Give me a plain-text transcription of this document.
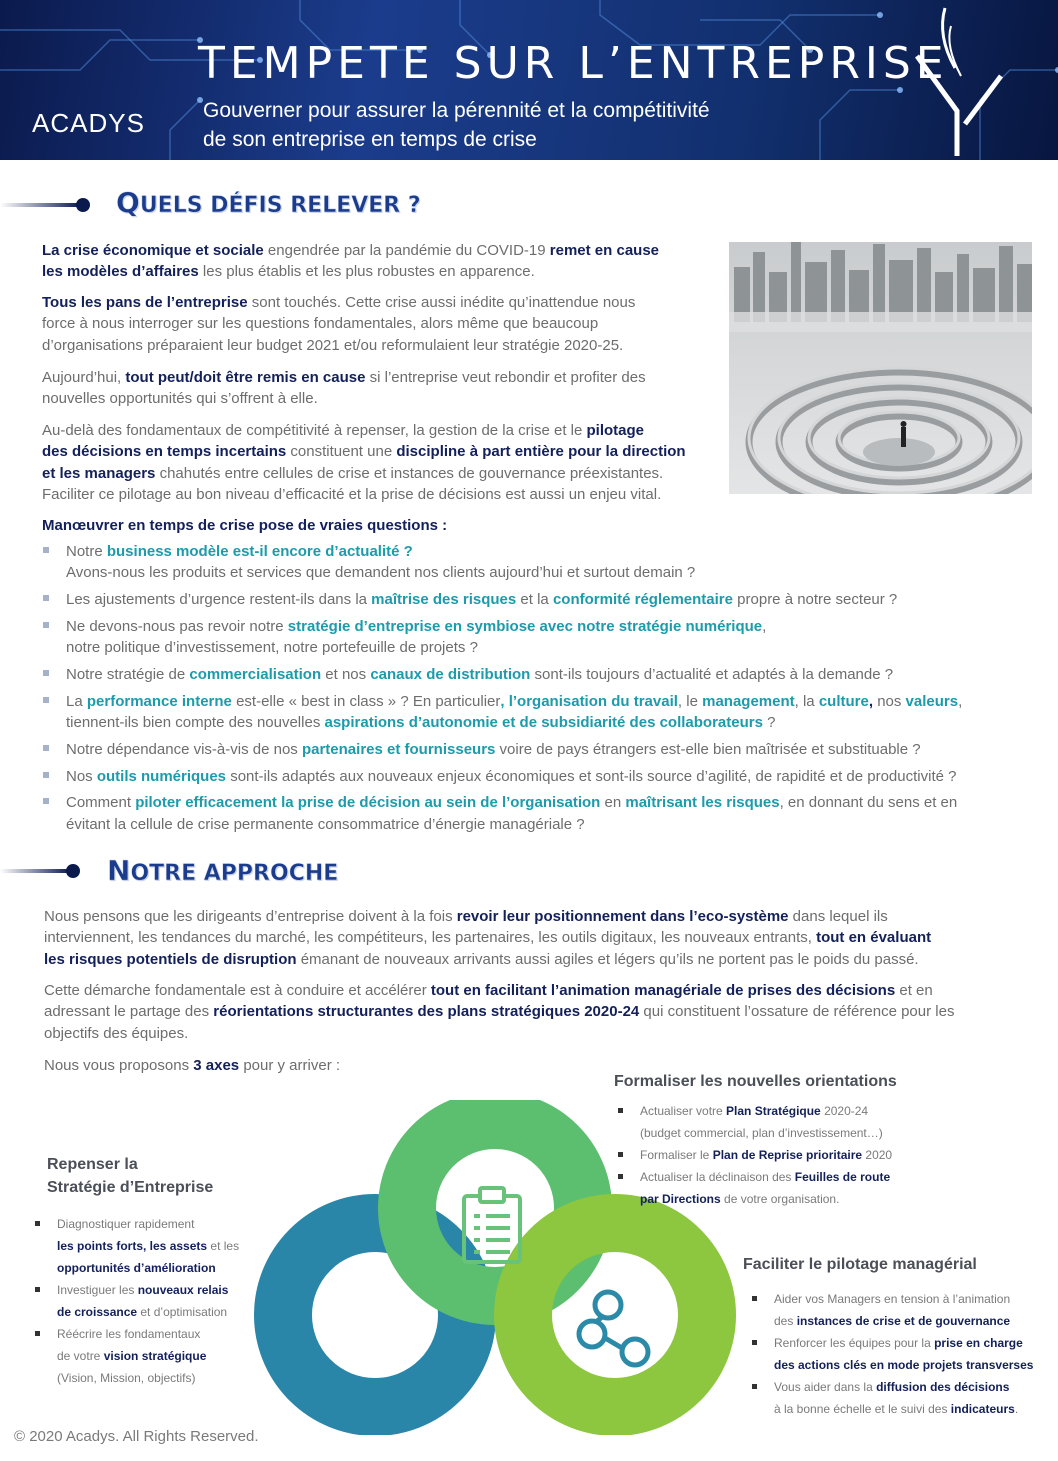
TEMPETE SUR L’ENTREPRISE
Gouverner pour assurer la pérennité et la compétitivité
de son entreprise en temps de crise
ACADYS
QUELS DÉFIS RELEVER ?

La crise économique et sociale engendrée par la pandémie du COVID-19 remet en cause
les modèles d’affaires les plus établis et les plus robustes en apparence.

Tous les pans de l’entreprise sont touchés. Cette crise aussi inédite qu’inattendue nous
force à nous interroger sur les questions fondamentales, alors même que beaucoup
d’organisations préparaient leur budget 2021 et/ou reformulaient leur stratégie 2020-25.

Aujourd’hui, tout peut/doit être remis en cause si l’entreprise veut rebondir et profiter des
nouvelles opportunités qui s’offrent à elle.

Au-delà des fondamentaux de compétitivité à repenser, la gestion de la crise et le pilotage
des décisions en temps incertains constituent une discipline à part entière pour la direction
et les managers chahutés entre cellules de crise et instances de gouvernance préexistantes.
Faciliter ce pilotage au bon niveau d’efficacité et la prise de décisions est aussi un enjeu vital.

Manœuvrer en temps de crise pose de vraies questions :

Notre business modèle est-il encore d’actualité ?
Avons-nous les produits et services que demandent nos clients aujourd’hui et surtout demain ?
Les ajustements d’urgence restent-ils dans la maîtrise des risques et la conformité réglementaire propre à notre secteur ?
Ne devons-nous pas revoir notre stratégie d’entreprise en symbiose avec notre stratégie numérique,
notre politique d’investissement, notre portefeuille de projets ?
Notre stratégie de commercialisation et nos canaux de distribution sont-ils toujours d’actualité et adaptés à la demande ?
La performance interne est-elle « best in class » ? En particulier, l’organisation du travail, le management, la culture, nos valeurs,
tiennent-ils bien compte des nouvelles aspirations d’autonomie et de subsidiarité des collaborateurs ?
Notre dépendance vis-à-vis de nos partenaires et fournisseurs voire de pays étrangers est-elle bien maîtrisée et substituable ?
Nos outils numériques sont-ils adaptés aux nouveaux enjeux économiques et sont-ils source d’agilité, de rapidité et de productivité ?
Comment piloter efficacement la prise de décision au sein de l’organisation en maîtrisant les risques, en donnant du sens et en
évitant la cellule de crise permanente consommatrice d’énergie managériale ?
NOTRE APPROCHE

Nous pensons que les dirigeants d’entreprise doivent à la fois revoir leur positionnement dans l’eco-système dans lequel ils
interviennent, les tendances du marché, les compétiteurs, les partenaires, les outils digitaux, les nouveaux entrants, tout en évaluant
les risques potentiels de disruption émanant de nouveaux arrivants aussi agiles et légers qu’ils ne portent pas le poids du passé.

Cette démarche fondamentale est à conduire et accélérer tout en facilitant l’animation managériale de prises des décisions et en
adressant le partage des réorientations structurantes des plans stratégiques 2020-24 qui constituent l’ossature de référence pour les
objectifs des équipes.

Nous vous proposons 3 axes pour y arriver :

Repenser la
Stratégie d’Entreprise
Diagnostiquer rapidement
les points forts, les assets et les
opportunités d’amélioration
Investiguer les nouveaux relais
de croissance et d’optimisation
Réécrire les fondamentaux
de votre vision stratégique
(Vision, Mission, objectifs)
Formaliser les nouvelles orientations
Actualiser votre Plan Stratégique 2020-24
(budget commercial, plan d’investissement…)
Formaliser le Plan de Reprise prioritaire 2020
Actualiser la déclinaison des Feuilles de route
par Directions de votre organisation.
Faciliter le pilotage managérial
Aider vos Managers en tension à l’animation
des instances de crise et de gouvernance
Renforcer les équipes pour la prise en charge
des actions clés en mode projets transverses
Vous aider dans la diffusion des décisions
à la bonne échelle et le suivi des indicateurs.
© 2020 Acadys. All Rights Reserved.
